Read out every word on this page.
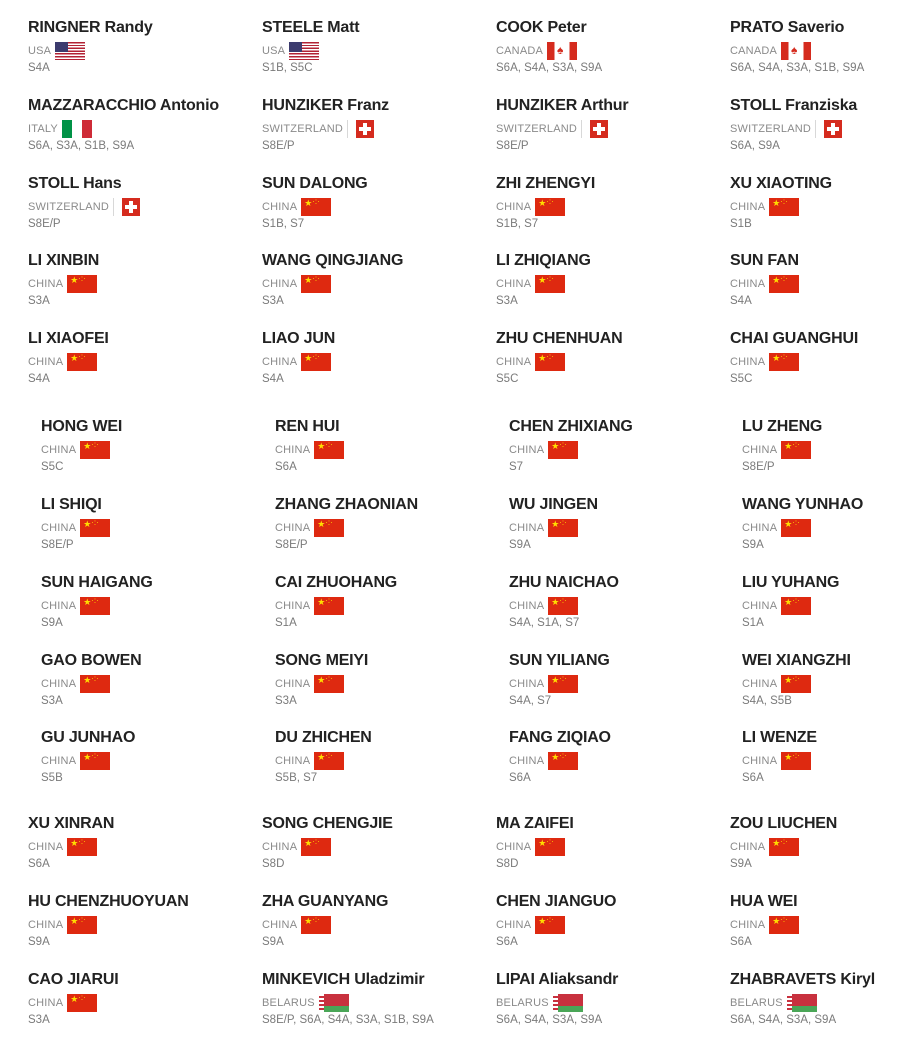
RINGNER Randy
USA
S4A
STEELE Matt
USA
S1B, S5C
COOK Peter
CANADA
♠
S6A, S4A, S3A, S9A
PRATO Saverio
CANADA
♠
S6A, S4A, S3A, S1B, S9A
MAZZARACCHIO Antonio
ITALY
S6A, S3A, S1B, S9A
HUNZIKER Franz
SWITZERLAND
S8E/P
HUNZIKER Arthur
SWITZERLAND
S8E/P
STOLL Franziska
SWITZERLAND
S6A, S9A
STOLL Hans
SWITZERLAND
S8E/P
SUN DALONG
CHINA
★ ·:·
S1B, S7
ZHI ZHENGYI
CHINA
★ ·:·
S1B, S7
XU XIAOTING
CHINA
★ ·:·
S1B
LI XINBIN
CHINA
★ ·:·
S3A
WANG QINGJIANG
CHINA
★ ·:·
S3A
LI ZHIQIANG
CHINA
★ ·:·
S3A
SUN FAN
CHINA
★ ·:·
S4A
LI XIAOFEI
CHINA
★ ·:·
S4A
LIAO JUN
CHINA
★ ·:·
S4A
ZHU CHENHUAN
CHINA
★ ·:·
S5C
CHAI GUANGHUI
CHINA
★ ·:·
S5C
HONG WEI
CHINA
★ ·:·
S5C
REN HUI
CHINA
★ ·:·
S6A
CHEN ZHIXIANG
CHINA
★ ·:·
S7
LU ZHENG
CHINA
★ ·:·
S8E/P
LI SHIQI
CHINA
★ ·:·
S8E/P
ZHANG ZHAONIAN
CHINA
★ ·:·
S8E/P
WU JINGEN
CHINA
★ ·:·
S9A
WANG YUNHAO
CHINA
★ ·:·
S9A
SUN HAIGANG
CHINA
★ ·:·
S9A
CAI ZHUOHANG
CHINA
★ ·:·
S1A
ZHU NAICHAO
CHINA
★ ·:·
S4A, S1A, S7
LIU YUHANG
CHINA
★ ·:·
S1A
GAO BOWEN
CHINA
★ ·:·
S3A
SONG MEIYI
CHINA
★ ·:·
S3A
SUN YILIANG
CHINA
★ ·:·
S4A, S7
WEI XIANGZHI
CHINA
★ ·:·
S4A, S5B
GU JUNHAO
CHINA
★ ·:·
S5B
DU ZHICHEN
CHINA
★ ·:·
S5B, S7
FANG ZIQIAO
CHINA
★ ·:·
S6A
LI WENZE
CHINA
★ ·:·
S6A
XU XINRAN
CHINA
★ ·:·
S6A
SONG CHENGJIE
CHINA
★ ·:·
S8D
MA ZAIFEI
CHINA
★ ·:·
S8D
ZOU LIUCHEN
CHINA
★ ·:·
S9A
HU CHENZHUOYUAN
CHINA
★ ·:·
S9A
ZHA GUANYANG
CHINA
★ ·:·
S9A
CHEN JIANGUO
CHINA
★ ·:·
S6A
HUA WEI
CHINA
★ ·:·
S6A
CAO JIARUI
CHINA
★ ·:·
S3A
MINKEVICH Uladzimir
BELARUS
S8E/P, S6A, S4A, S3A, S1B, S9A
LIPAI Aliaksandr
BELARUS
S6A, S4A, S3A, S9A
ZHABRAVETS Kiryl
BELARUS
S6A, S4A, S3A, S9A
